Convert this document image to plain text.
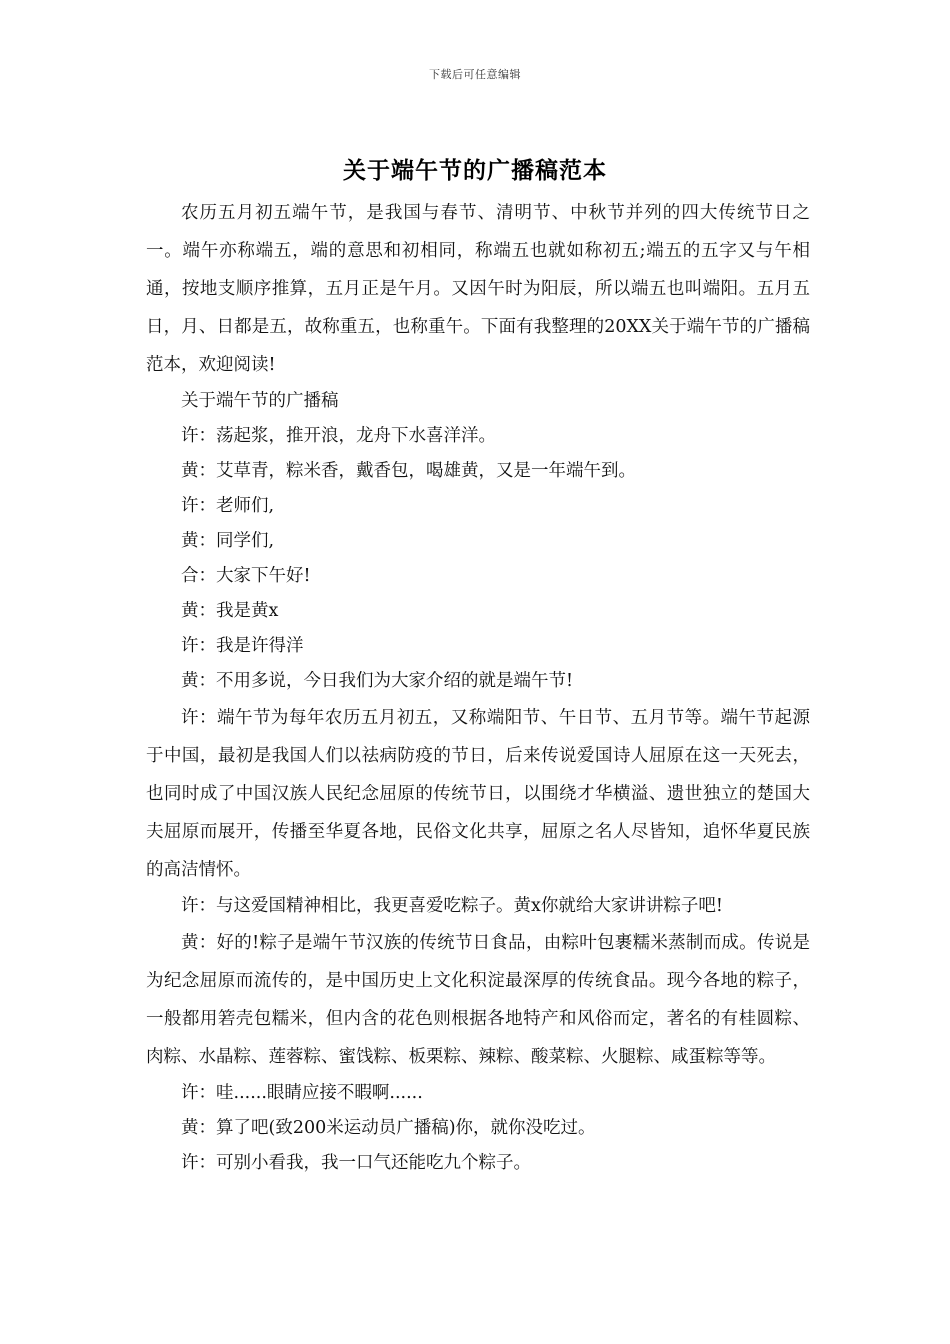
下载后可任意编辑
关于端午节的广播稿范本

农历五月初五端午节，是我国与春节、清明节、中秋节并列的四大传统节日之一。端午亦称端五，端的意思和初相同，称端五也就如称初五;端五的五字又与午相通，按地支顺序推算，五月正是午月。又因午时为阳辰，所以端五也叫端阳。五月五日，月、日都是五，故称重五，也称重午。下面有我整理的20XX关于端午节的广播稿范本，欢迎阅读!

关于端午节的广播稿

许：荡起浆，推开浪，龙舟下水喜洋洋。

黄：艾草青，粽米香，戴香包，喝雄黄，又是一年端午到。

许：老师们,

黄：同学们,

合：大家下午好!

黄：我是黄x

许：我是许得洋

黄：不用多说，今日我们为大家介绍的就是端午节!

许：端午节为每年农历五月初五，又称端阳节、午日节、五月节等。端午节起源于中国，最初是我国人们以祛病防疫的节日，后来传说爱国诗人屈原在这一天死去，也同时成了中国汉族人民纪念屈原的传统节日，以围绕才华横溢、遗世独立的楚国大夫屈原而展开，传播至华夏各地，民俗文化共享，屈原之名人尽皆知，追怀华夏民族的高洁情怀。

许：与这爱国精神相比，我更喜爱吃粽子。黄x你就给大家讲讲粽子吧!

黄：好的!粽子是端午节汉族的传统节日食品，由粽叶包裹糯米蒸制而成。传说是为纪念屈原而流传的，是中国历史上文化积淀最深厚的传统食品。现今各地的粽子，一般都用箬壳包糯米，但内含的花色则根据各地特产和风俗而定，著名的有桂圆粽、肉粽、水晶粽、莲蓉粽、蜜饯粽、板栗粽、辣粽、酸菜粽、火腿粽、咸蛋粽等等。

许：哇......眼睛应接不暇啊......

黄：算了吧(致200米运动员广播稿)你，就你没吃过。

许：可别小看我，我一口气还能吃九个粽子。
